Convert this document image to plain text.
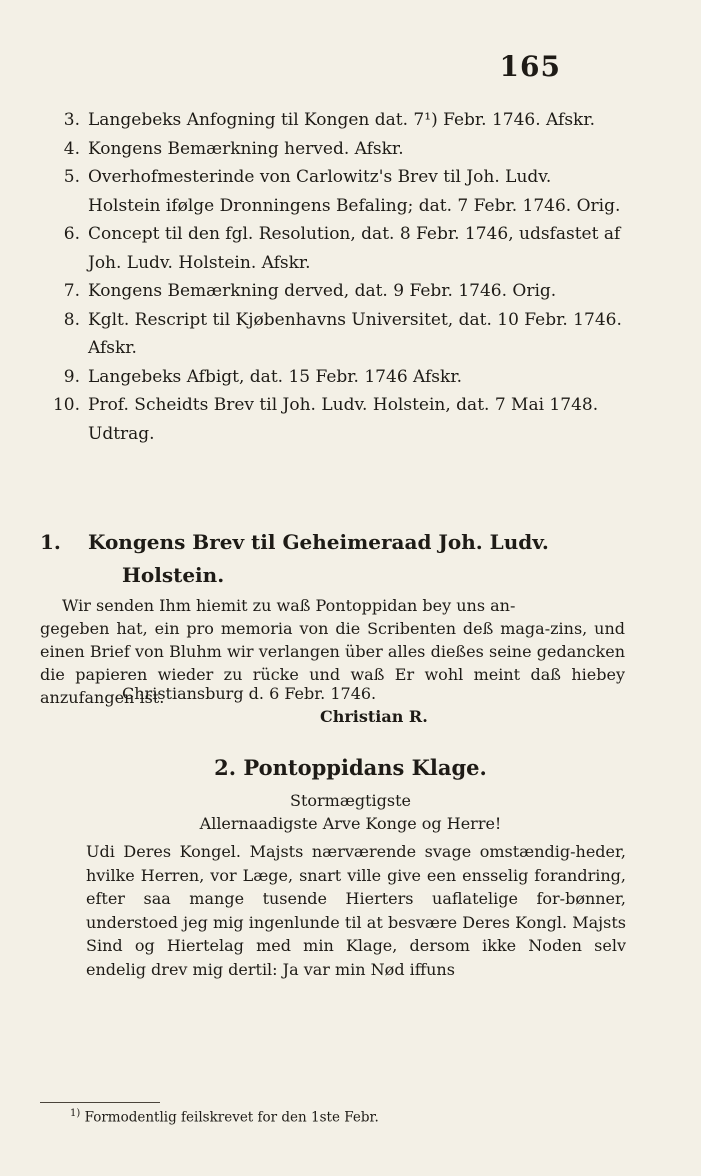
165
3. Langebeks Anfogning til Kongen dat. 7¹) Febr. 1746. Afskr.
4. Kongens Bemærkning herved. Afskr.
5. Overhofmesterinde von Carlowitz's Brev til Joh. Ludv. Holstein ifølge Dronningens Befaling; dat. 7 Febr. 1746. Orig.
6. Concept til den fgl. Resolution, dat. 8 Febr. 1746, udsfastet af Joh. Ludv. Holstein. Afskr.
7. Kongens Bemærkning derved, dat. 9 Febr. 1746. Orig.
8. Kglt. Rescript til Kjøbenhavns Universitet, dat. 10 Febr. 1746. Afskr.
9. Langebeks Afbigt, dat. 15 Febr. 1746 Afskr.
10. Prof. Scheidts Brev til Joh. Ludv. Holstein, dat. 7 Mai 1748. Udtrag.
1. Kongens Brev til Geheimeraad Joh. Ludv.
Holstein.
Wir senden Ihm hiemit zu waß Pontoppidan bey uns an-
gegeben hat, ein pro memoria von die Scribenten deß maga-zins, und einen Brief von Bluhm wir verlangen über alles dießes seine gedancken die papieren wieder zu rücke und waß Er wohl meint daß hiebey anzufangen ist.
Christiansburg d. 6 Febr. 1746.
Christian R.
2. Pontoppidans Klage.
Stormægtigste
Allernaadigste Arve Konge og Herre!
Udi Deres Kongel. Majsts nærværende svage omstændig-heder, hvilke Herren, vor Læge, snart ville give een ensselig forandring, efter saa mange tusende Hierters uaflatelige for-bønner, understoed jeg mig ingenlunde til at besvære Deres Kongl. Majsts Sind og Hiertelag med min Klage, dersom ikke Noden selv endelig drev mig dertil: Ja var min Nød iffuns
$^{1)}$ Formodentlig feilskrevet for den 1ste Febr.
